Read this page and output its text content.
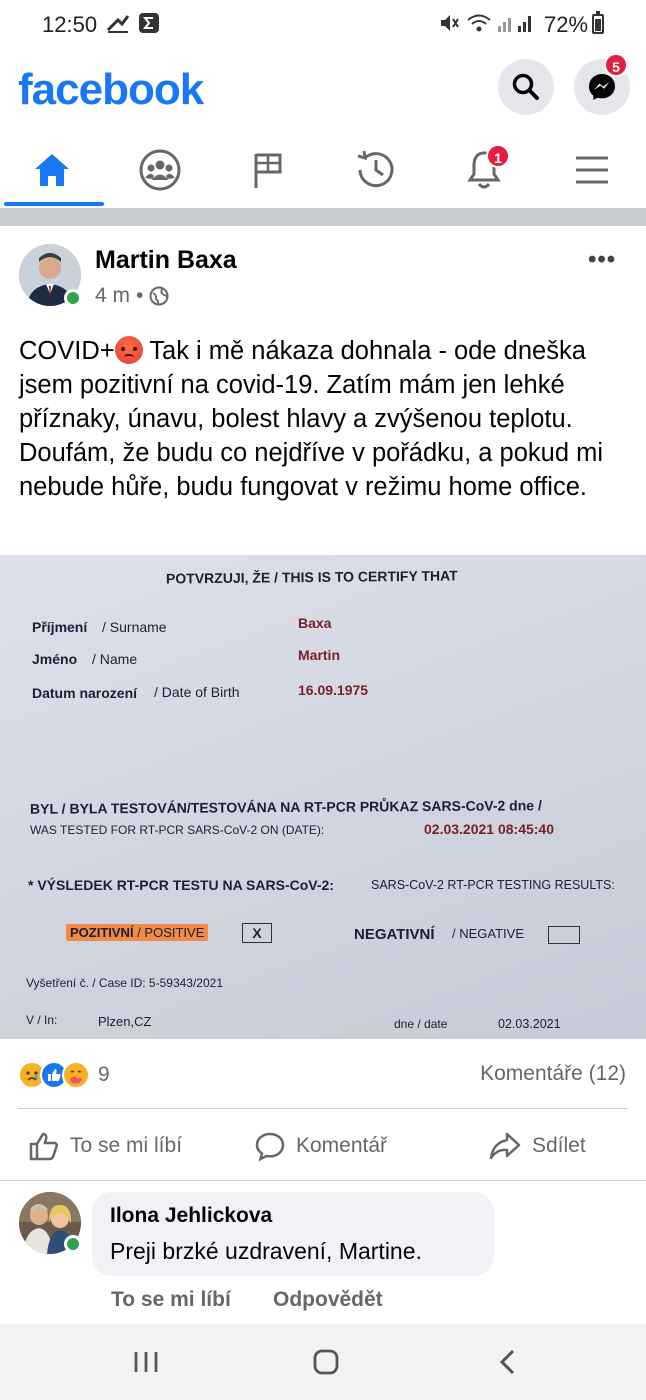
12:50	72%
facebook	5
1
Martin Baxa
4 m •
•••
COVID+ Tak i mě nákaza dohnala - ode dneška jsem pozitivní na covid-19. Zatím mám jen lehké příznaky, únavu, bolest hlavy a zvýšenou teplotu. Doufám, že budu co nejdříve v pořádku, a pokud mi nebude hůře, budu fungovat v režimu home office.
POTVRZUJI, ŽE / THIS IS TO CERTIFY THAT
Příjmení / Surname	Baxa
Jméno / Name	Martin
Datum narození / Date of Birth	16.09.1975
BYL / BYLA TESTOVÁN/TESTOVÁNA NA RT-PCR PRŮKAZ SARS-CoV-2 dne /
WAS TESTED FOR RT-PCR SARS-CoV-2 ON (DATE):	02.03.2021 08:45:40
* VÝSLEDEK RT-PCR TESTU NA SARS-CoV-2:	SARS-CoV-2 RT-PCR TESTING RESULTS:
POZITIVNÍ / POSITIVE	X	NEGATIVNÍ / NEGATIVE
Vyšetření č. / Case ID: 5-59343/2021
V / In:	Plzen,CZ	dne / date	02.03.2021
9	Komentáře (12)
To se mi líbí	Komentář	Sdílet
Ilona Jehlickova
Preji brzké uzdravení, Martine.
To se mi líbí Odpovědět
